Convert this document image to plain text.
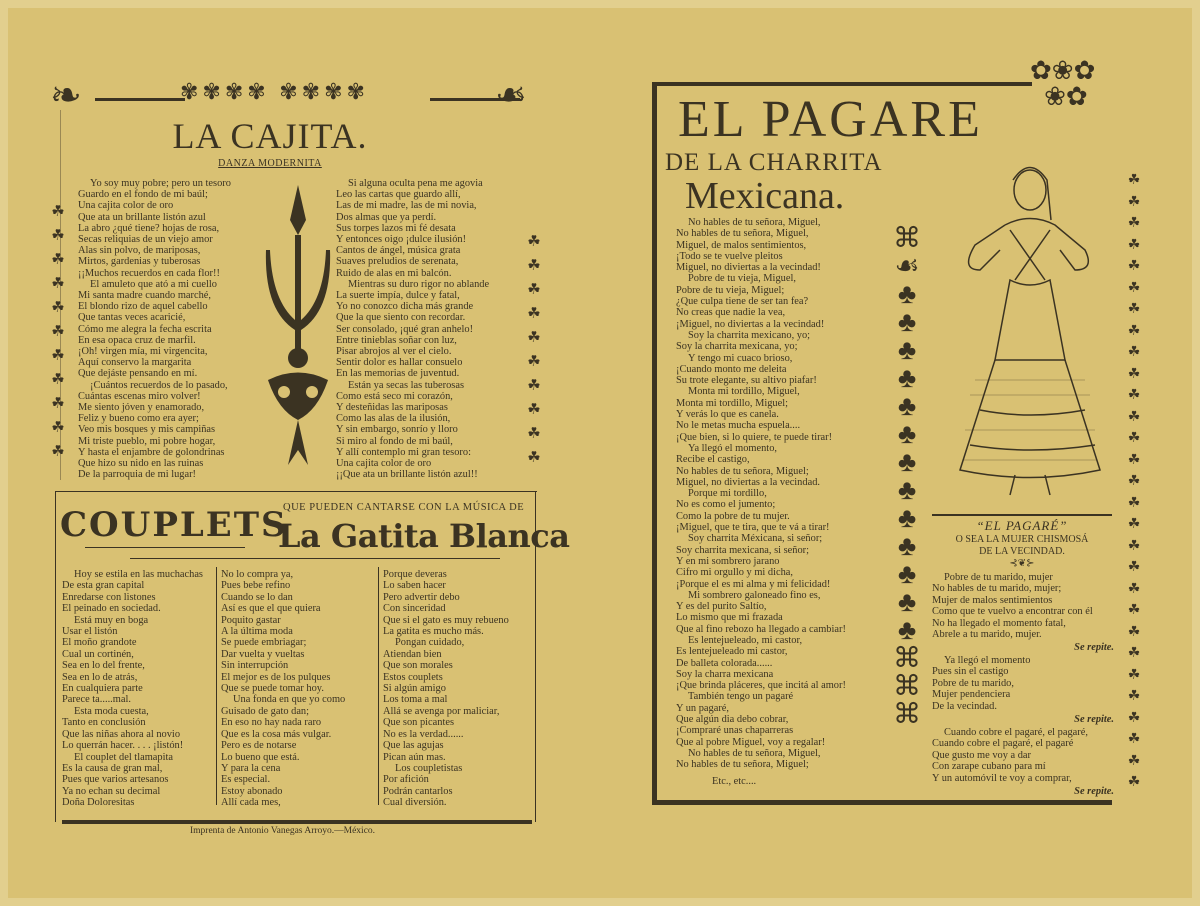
❧	❧
✾✾✾✾ ✾✾✾✾
LA CAJITA.
DANZA MODERNITA
Yo soy muy pobre; pero un tesoro
Guardo en el fondo de mi baúl;
Una cajita color de oro
Que ata un brillante listón azul
La abro ¿qué tiene? hojas de rosa,
Secas reliquias de un viejo amor
Alas sin polvo, de mariposas,
Mirtos, gardenias y tuberosas
¡¡Muchos recuerdos en cada flor!!
El amuleto que ató a mi cuello
Mi santa madre cuando marché,
El blondo rizo de aquel cabello
Que tantas veces acaricié,
Cómo me alegra la fecha escrita
En esa opaca cruz de marfil.
¡Oh! virgen mía, mi virgencita,
Aquí conservo la margarita
Que dejáste pensando en mí.
¡Cuántos recuerdos de lo pasado,
Cuántas escenas miro volver!
Me siento jóven y enamorado,
Feliz y bueno como era ayer;
Veo mis bosques y mis campiñas
Mi triste pueblo, mi pobre hogar,
Y hasta el enjambre de golondrinas
Que hizo su nido en las ruinas
De la parroquia de mi lugar!
Si alguna oculta pena me agovia
Leo las cartas que guardo allí,
Las de mi madre, las de mi novia,
Dos almas que ya perdí.
Sus torpes lazos mi fé desata
Y entonces oigo ¡dulce ilusión!
Cantos de ángel, música grata
Suaves preludios de serenata,
Ruido de alas en mi balcón.
Mientras su duro rigor no ablande
La suerte impía, dulce y fatal,
Yo no conozco dicha más grande
Que la que siento con recordar.
Ser consolado, ¡qué gran anhelo!
Entre tinieblas soñar con luz,
Pisar abrojos al ver el cielo.
Sentir dolor es hallar consuelo
En las memorias de juventud.
Están ya secas las tuberosas
Como está seco mi corazón,
Y desteñidas las mariposas
Como las alas de la ilusión,
Y sin embargo, sonrío y lloro
Si miro al fondo de mi baúl,
Y allí contemplo mi gran tesoro:
Una cajita color de oro
¡¡Que ata un brillante listón azul!!
☘
☘
☘
☘
☘
☘
☘
☘
☘
☘
☘
☘
☘
☘
☘
☘
☘
☘
☘
☘
☘
COUPLETS
QUE PUEDEN CANTARSE CON LA MÚSICA DE
La Gatita Blanca
Hoy se estila en las muchachas
De esta gran capital
Enredarse con listones
El peinado en sociedad.
Está muy en boga
Usar el listón
El moño grandote
Cual un cortinén,
Sea en lo del frente,
Sea en lo de atrás,
En cualquiera parte
Parece ta.....mal.
Esta moda cuesta,
Tanto en conclusión
Que las niñas ahora al novio
Lo querrán hacer. . . . ¡listón!
El couplet del tlamapita
Es la causa de gran mal,
Pues que varios artesanos
Ya no echan su decimal
Doña Doloresitas
No lo compra ya,
Pues bebe refino
Cuando se lo dan
Así es que el que quiera
Poquito gastar
A la última moda
Se puede embriagar;
Dar vuelta y vueltas
Sin interrupción
El mejor es de los pulques
Que se puede tomar hoy.
Una fonda en que yo como
Guisado de gato dan;
En eso no hay nada raro
Que es la cosa más vulgar.
Pero es de notarse
Lo bueno que está.
Y para la cena
Es especial.
Estoy abonado
Allí cada mes,
Porque deveras
Lo saben hacer
Pero advertir debo
Con sinceridad
Que si el gato es muy rebueno
La gatita es mucho más.
Pongan cuidado,
Atiendan bien
Que son morales
Estos couplets
Si algún amigo
Los toma a mal
Allá se avenga por maliciar,
Que son picantes
No es la verdad......
Que las agujas
Pican aún mas.
Los coupletistas
Por afición
Podrán cantarlos
Cual diversión.
Imprenta de Antonio Vanegas Arroyo.—México.
✿❀✿
❀✿
☘
☘
☘
☘
☘
☘
☘
☘
☘
☘
☘
☘
☘
☘
☘
☘
☘
☘
☘
☘
☘
☘
☘
☘
☘
☘
☘
☘
☘
EL PAGARE
DE LA CHARRITA
Mexicana.
No hables de tu señora, Miguel,
No hables de tu señora, Miguel,
Miguel, de malos sentimientos,
¡Todo se te vuelve pleitos
Miguel, no diviertas a la vecindad!
Pobre de tu vieja, Miguel,
Pobre de tu vieja, Miguel;
¿Que culpa tiene de ser tan fea?
No creas que nadie la vea,
¡Miguel, no diviertas a la vecindad!
Soy la charrita mexicano, yo;
Soy la charrita mexicana, yo;
Y tengo mi cuaco brioso,
¡Cuando monto me deleita
Su trote elegante, su altivo piafar!
Monta mi tordillo, Miguel,
Monta mi tordillo, Miguel;
Y verás lo que es canela.
No le metas mucha espuela....
¡Que bien, si lo quiere, te puede tirar!
Ya llegó el momento,
Recibe el castigo,
No hables de tu señora, Miguel;
Miguel, no diviertas a la vecindad.
Porque mi tordillo,
No es como el jumento;
Como la pobre de tu mujer.
¡Miguel, que te tira, que te vá a tirar!
Soy charrita Méxicana, si señor;
Soy charrita mexicana, si señor;
Y en mi sombrero jarano
Cifro mi orgullo y mi dicha,
¡Porque el es mi alma y mi felicidad!
Mi sombrero galoneado fino es,
Y es del purito Saltío,
Lo mismo que mi frazada
Que al fino rebozo ha llegado a cambiar!
Es lentejueleado, mi castor,
Es lentejueleado mi castor,
De balleta colorada......
Soy la charra mexicana
¡Que brinda pláceres, que incitá al amor!
También tengo un pagaré
Y un pagaré,
Que algún dia debo cobrar,
¡Compraré unas chaparreras
Que al pobre Miguel, voy a regalar!
No hables de tu señora, Miguel,
No hables de tu señora, Miguel;
Etc., etc....
⌘
☙
♣
♣
♣
♣
♣
♣
♣
♣
♣
♣
♣
♣
♣
⌘
⌘
⌘
“EL PAGARÉ”
O SEA LA MUJER CHISMOSÁ
DE LA VECINDAD.
⊰❦⊱
Pobre de tu marido, mujer
No hables de tu marido, mujer;
Mujer de malos sentimientos
Como que te vuelvo a encontrar con él
No ha llegado el momento fatal,
Abrele a tu marido, mujer.
Se repite.
Ya llegó el momento
Pues sin el castigo
Pobre de tu marido,
Mujer pendenciera
De la vecindad.
Se repite.
Cuando cobre el pagaré, el pagaré,
Cuando cobre el pagaré, el pagaré
Que gusto me voy a dar
Con zarape cubano para mí
Y un automóvil te voy a comprar,
Se repite.
